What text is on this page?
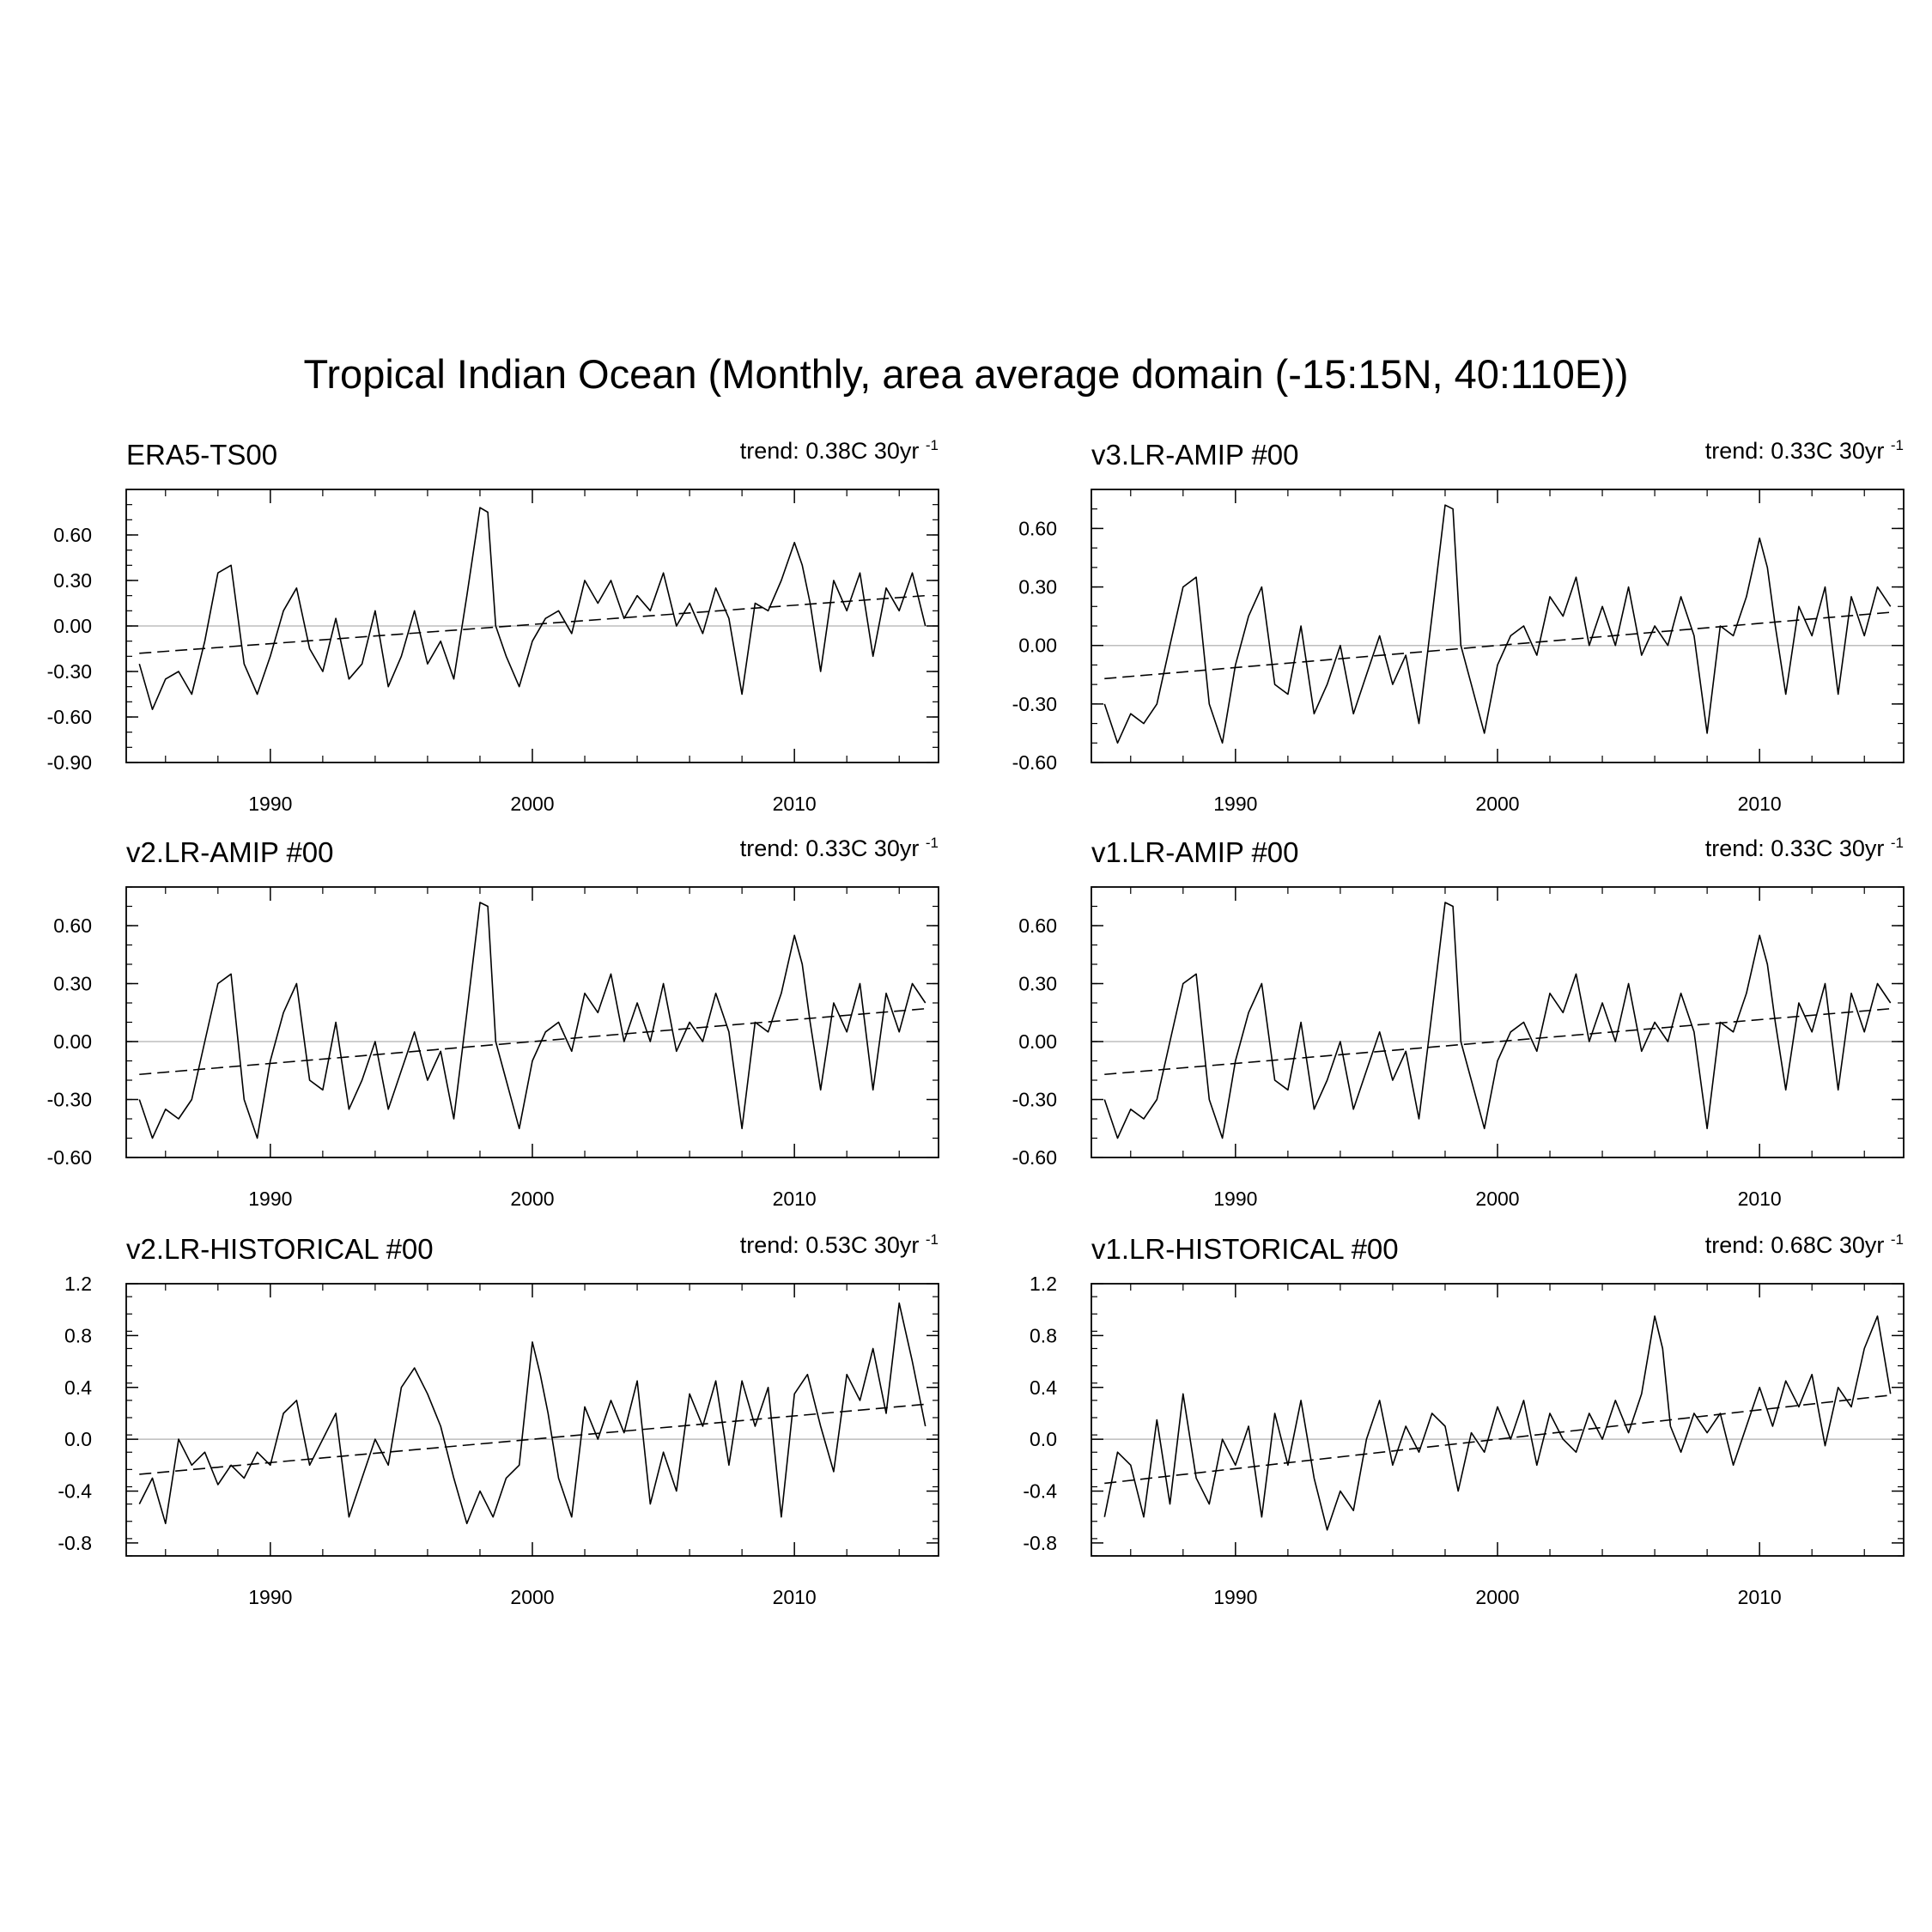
Tropical Indian Ocean (Monthly, area average domain (-15:15N, 40:110E))
ERA5-TS00	trend: 0.38C 30yr $^{-1}$
-0.90
-0.60
-0.30
0.00
0.30
0.60
1990	2000	2010
v3.LR-AMIP #00	trend: 0.33C 30yr $^{-1}$
-0.60
-0.30
0.00
0.30
0.60
1990	2000	2010
v2.LR-AMIP #00	trend: 0.33C 30yr $^{-1}$
-0.60
-0.30
0.00
0.30
0.60
1990	2000	2010
v1.LR-AMIP #00	trend: 0.33C 30yr $^{-1}$
-0.60
-0.30
0.00
0.30
0.60
1990	2000	2010
v2.LR-HISTORICAL #00	trend: 0.53C 30yr $^{-1}$
-0.8
-0.4
0.0
0.4
0.8
1.2
1990	2000	2010
v1.LR-HISTORICAL #00	trend: 0.68C 30yr $^{-1}$
-0.8
-0.4
0.0
0.4
0.8
1.2
1990	2000	2010
